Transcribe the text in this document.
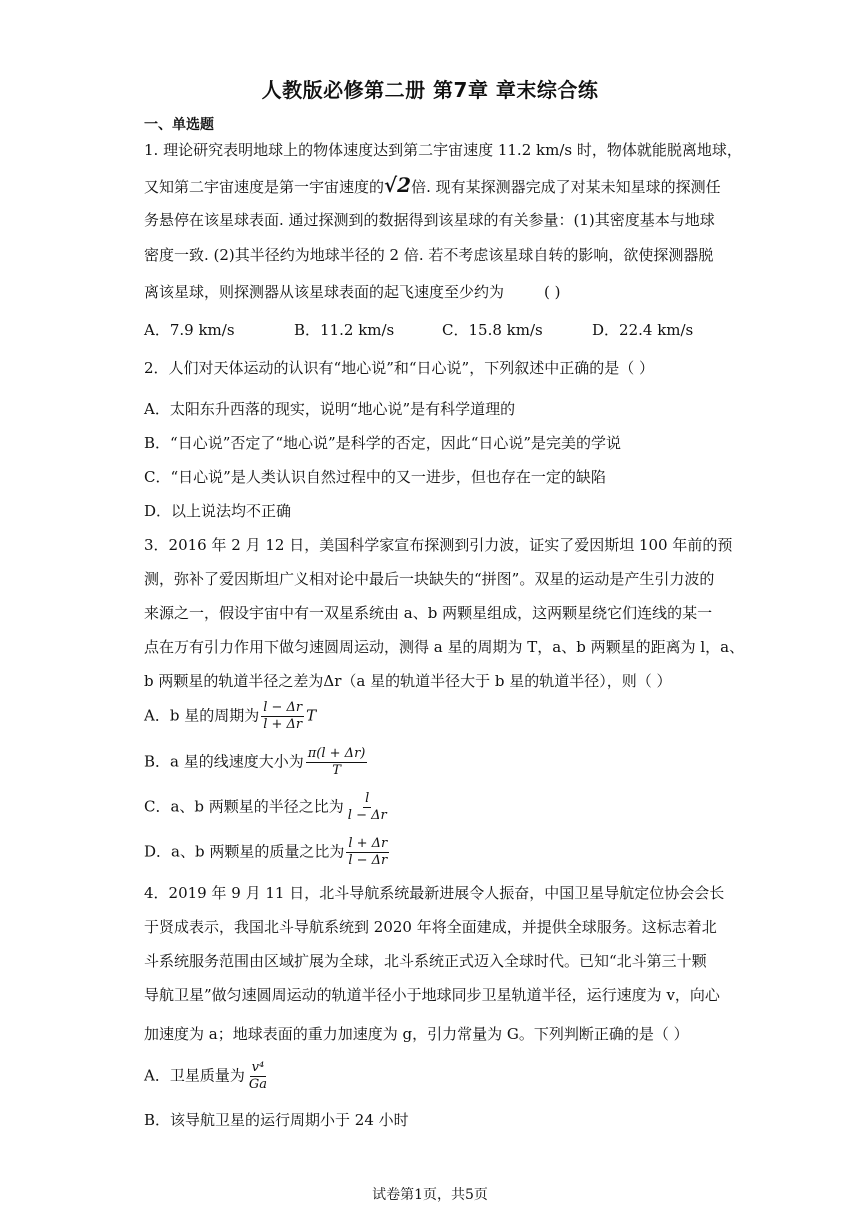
人教版必修第二册 第7章 章末综合练
一、单选题
1. 理论研究表明地球上的物体速度达到第二宇宙速度 11.2 km/s 时，物体就能脱离地球，
又知第二宇宙速度是第一宇宙速度的√2倍. 现有某探测器完成了对某未知星球的探测任
务悬停在该星球表面. 通过探测到的数据得到该星球的有关参量：(1)其密度基本与地球
密度一致. (2)其半径约为地球半径的 2 倍. 若不考虑该星球自转的影响，欲使探测器脱
离该星球，则探测器从该星球表面的起飞速度至少约为	( )
A．7.9 km/s	B．11.2 km/s	C．15.8 km/s	D．22.4 km/s
2．人们对天体运动的认识有“地心说”和“日心说”，下列叙述中正确的是（ ）
A．太阳东升西落的现实，说明“地心说”是有科学道理的
B．“日心说”否定了“地心说”是科学的否定，因此“日心说”是完美的学说
C．“日心说”是人类认识自然过程中的又一进步，但也存在一定的缺陷
D．以上说法均不正确
3．2016 年 2 月 12 日，美国科学家宣布探测到引力波，证实了爱因斯坦 100 年前的预
测，弥补了爱因斯坦广义相对论中最后一块缺失的“拼图”。双星的运动是产生引力波的
来源之一，假设宇宙中有一双星系统由 a、b 两颗星组成，这两颗星绕它们连线的某一
点在万有引力作用下做匀速圆周运动，测得 a 星的周期为 T，a、b 两颗星的距离为 l，a、
b 两颗星的轨道半径之差为Δr（a 星的轨道半径大于 b 星的轨道半径），则（ ）
A．b 星的周期为 $\frac{l - \Delta r}{l + \Delta r}$ T
B．a 星的线速度大小为 $\frac{\pi(l + \Delta r)}{T}$
C．a、b 两颗星的半径之比为 $\frac{l}{l - \Delta r}$
D．a、b 两颗星的质量之比为 $\frac{l + \Delta r}{l - \Delta r}$
4．2019 年 9 月 11 日，北斗导航系统最新进展令人振奋，中国卫星导航定位协会会长
于贤成表示，我国北斗导航系统到 2020 年将全面建成，并提供全球服务。这标志着北
斗系统服务范围由区域扩展为全球，北斗系统正式迈入全球时代。已知“北斗第三十颗
导航卫星”做匀速圆周运动的轨道半径小于地球同步卫星轨道半径，运行速度为 v，向心
加速度为 a；地球表面的重力加速度为 g，引力常量为 G。下列判断正确的是（ ）
A．卫星质量为 $\frac{\text{v⁴}}{Ga}$
B．该导航卫星的运行周期小于 24 小时
试卷第1页，共5页
